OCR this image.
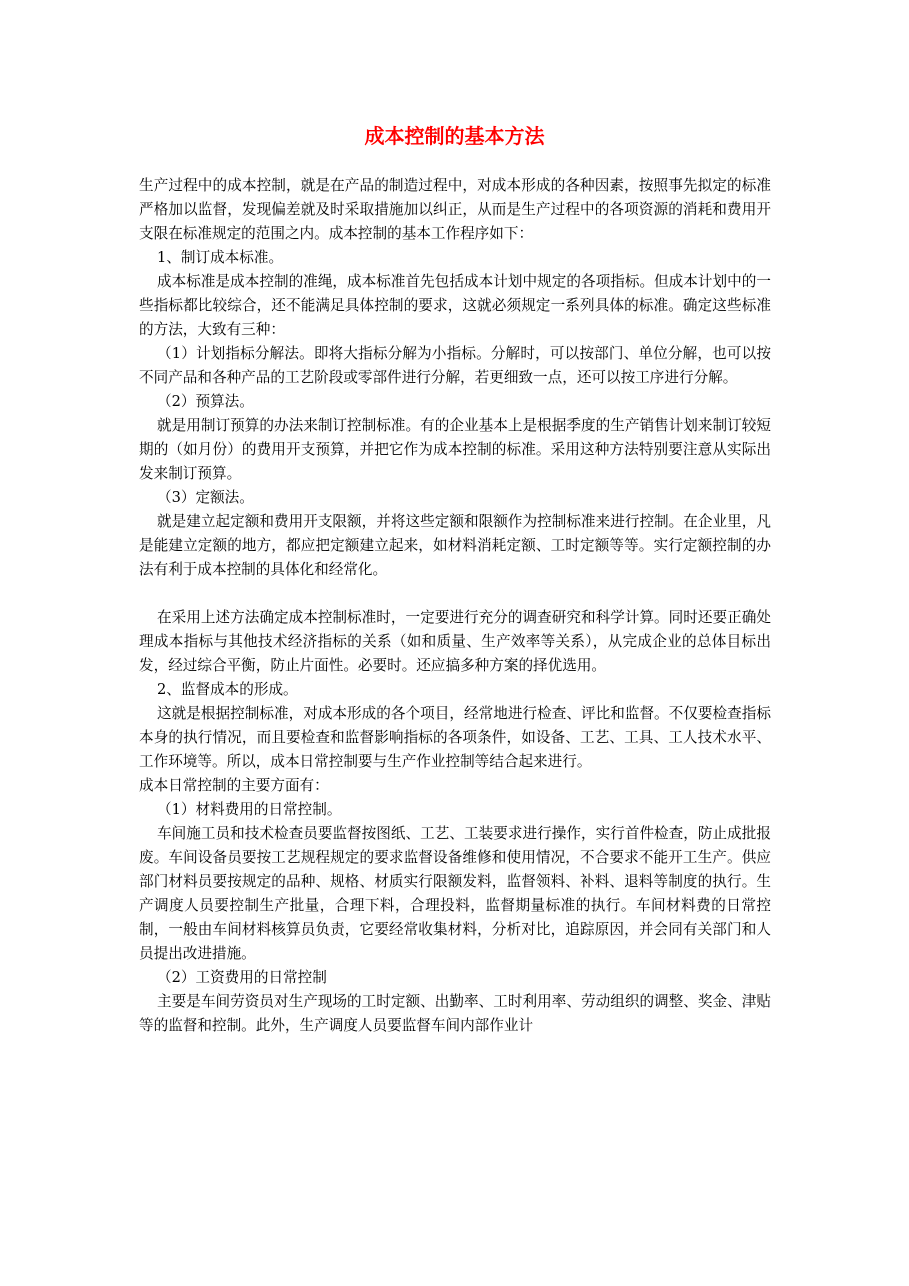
成本控制的基本方法

生产过程中的成本控制，就是在产品的制造过程中，对成本形成的各种因素，按照事先拟定的标准严格加以监督，发现偏差就及时采取措施加以纠正，从而是生产过程中的各项资源的消耗和费用开支限在标准规定的范围之内。成本控制的基本工作程序如下：

1、制订成本标准。

成本标准是成本控制的准绳，成本标准首先包括成本计划中规定的各项指标。但成本计划中的一些指标都比较综合，还不能满足具体控制的要求，这就必须规定一系列具体的标准。确定这些标准的方法，大致有三种：

（1）计划指标分解法。即将大指标分解为小指标。分解时，可以按部门、单位分解，也可以按不同产品和各种产品的工艺阶段或零部件进行分解，若更细致一点，还可以按工序进行分解。

（2）预算法。

就是用制订预算的办法来制订控制标准。有的企业基本上是根据季度的生产销售计划来制订较短期的（如月份）的费用开支预算，并把它作为成本控制的标准。采用这种方法特别要注意从实际出发来制订预算。

（3）定额法。

就是建立起定额和费用开支限额，并将这些定额和限额作为控制标准来进行控制。在企业里，凡是能建立定额的地方，都应把定额建立起来，如材料消耗定额、工时定额等等。实行定额控制的办法有利于成本控制的具体化和经常化。

在采用上述方法确定成本控制标准时，一定要进行充分的调查研究和科学计算。同时还要正确处理成本指标与其他技术经济指标的关系（如和质量、生产效率等关系），从完成企业的总体目标出发，经过综合平衡，防止片面性。必要时。还应搞多种方案的择优选用。

2、监督成本的形成。

这就是根据控制标准，对成本形成的各个项目，经常地进行检查、评比和监督。不仅要检查指标本身的执行情况，而且要检查和监督影响指标的各项条件，如设备、工艺、工具、工人技术水平、工作环境等。所以，成本日常控制要与生产作业控制等结合起来进行。

成本日常控制的主要方面有：

（1）材料费用的日常控制。

车间施工员和技术检查员要监督按图纸、工艺、工装要求进行操作，实行首件检查，防止成批报废。车间设备员要按工艺规程规定的要求监督设备维修和使用情况，不合要求不能开工生产。供应部门材料员要按规定的品种、规格、材质实行限额发料，监督领料、补料、退料等制度的执行。生产调度人员要控制生产批量，合理下料，合理投料，监督期量标准的执行。车间材料费的日常控制，一般由车间材料核算员负责，它要经常收集材料，分析对比，追踪原因，并会同有关部门和人员提出改进措施。

（2）工资费用的日常控制

主要是车间劳资员对生产现场的工时定额、出勤率、工时利用率、劳动组织的调整、奖金、津贴等的监督和控制。此外，生产调度人员要监督车间内部作业计
